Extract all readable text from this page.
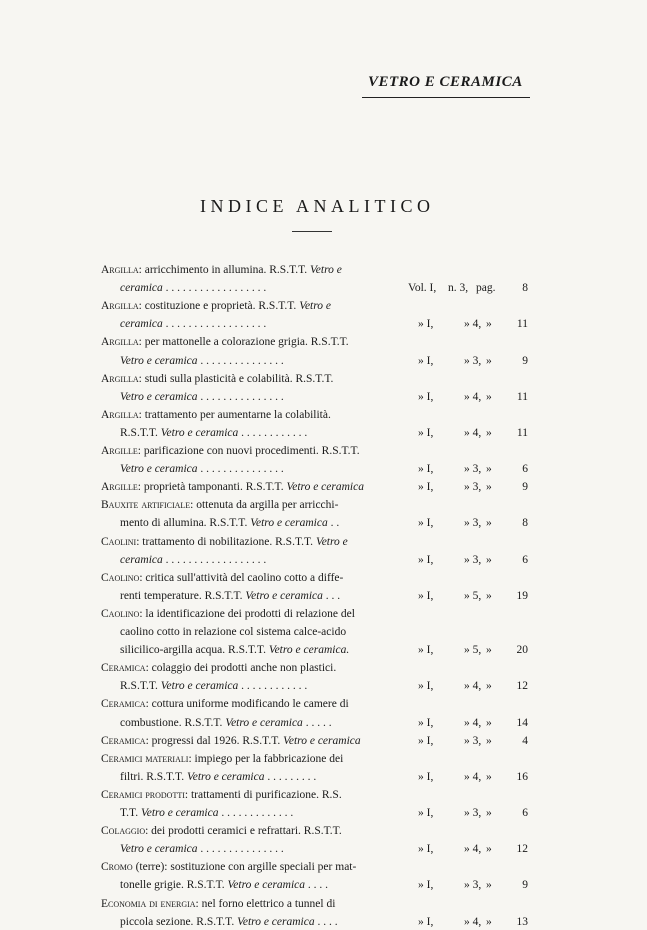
VETRO E CERAMICA
INDICE ANALITICO
Argilla: arricchimento in allumina. R.S.T.T. Vetro e
ceramica . . . . . . . . . . . . . . . . . .	Vol. I, n. 3, pag. 8
Argilla: costituzione e proprietà. R.S.T.T. Vetro e
ceramica . . . . . . . . . . . . . . . . . .	» I,	» 4, » 11
Argilla: per mattonelle a colorazione grigia. R.S.T.T.
Vetro e ceramica . . . . . . . . . . . . . . .	» I,	» 3, »	9
Argilla: studi sulla plasticità e colabilità. R.S.T.T.
Vetro e ceramica . . . . . . . . . . . . . . .	» I,	» 4, » 11
Argilla: trattamento per aumentarne la colabilità.
R.S.T.T. Vetro e ceramica . . . . . . . . . . . .	» I,	» 4, » 11
Argille: parificazione con nuovi procedimenti. R.S.T.T.
Vetro e ceramica . . . . . . . . . . . . . . .	» I,	» 3, »	6
Argille: proprietà tamponanti. R.S.T.T. Vetro e ceramica	» I,	» 3, »	9
Bauxite artificiale: ottenuta da argilla per arricchi-
mento di allumina. R.S.T.T. Vetro e ceramica . .	» I,	» 3, »	8
Caolini: trattamento di nobilitazione. R.S.T.T. Vetro e
ceramica . . . . . . . . . . . . . . . . . .	» I,	» 3, »	6
Caolino: critica sull'attività del caolino cotto a diffe-
renti temperature. R.S.T.T. Vetro e ceramica . . .	» I,	» 5, » 19
Caolino: la identificazione dei prodotti di relazione del
caolino cotto in relazione col sistema calce-acido
silicilico-argilla acqua. R.S.T.T. Vetro e ceramica.	» I,	» 5, » 20
Ceramica: colaggio dei prodotti anche non plastici.
R.S.T.T. Vetro e ceramica . . . . . . . . . . . .	» I,	» 4, » 12
Ceramica: cottura uniforme modificando le camere di
combustione. R.S.T.T. Vetro e ceramica . . . . .	» I,	» 4, » 14
Ceramica: progressi dal 1926. R.S.T.T. Vetro e ceramica	» I,	» 3, »	4
Ceramici materiali: impiego per la fabbricazione dei
filtri. R.S.T.T. Vetro e ceramica . . . . . . . . .	» I,	» 4, » 16
Ceramici prodotti: trattamenti di purificazione. R.S.
T.T. Vetro e ceramica . . . . . . . . . . . . .	» I,	» 3, »	6
Colaggio: dei prodotti ceramici e refrattari. R.S.T.T.
Vetro e ceramica . . . . . . . . . . . . . . .	» I,	» 4, » 12
Cromo (terre): sostituzione con argille speciali per mat-
tonelle grigie. R.S.T.T. Vetro e ceramica . . . .	» I,	» 3, »	9
Economia di energia: nel forno elettrico a tunnel di
piccola sezione. R.S.T.T. Vetro e ceramica . . . .	» I,	» 4, » 13
